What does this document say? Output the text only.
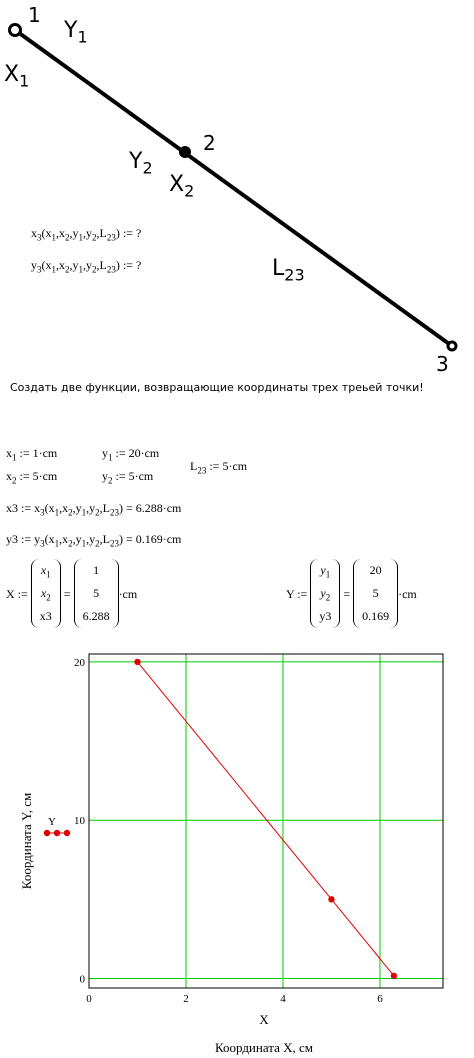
1
2
3
$Y_1$
$X_1$
$Y_2$
$X_2$
$L_{23}$
$x_3(x_1,x_2,y_1,y_2,L_{23})$ := ?
$y_3(x_1,x_2,y_1,y_2,L_{23})$ := ?
Создать две функции, возвращающие координаты трех треьей точки!
$x_1$ := 1·cm	$y_1$ := 20·cm
$x_2$ := 5·cm	$y_2$ := 5·cm
$L_{23}$ := 5·cm
x3 := $x_3(x_1,x_2,y_1,y_2,L_{23}) = 6.288\cdot cm$
y3 := $y_3(x_1,x_2,y_1,y_2,L_{23}) = 0.169\cdot cm$
X :=

$x_1$
$x_2$
x3
=
1
5
6.288
·cm	Y :=

$y_1$
$y_2$
y3
=
20
5
0.169
·cm
0	2	4	6
0
10
20
X
Координата X, см
Координата Y, см Y
